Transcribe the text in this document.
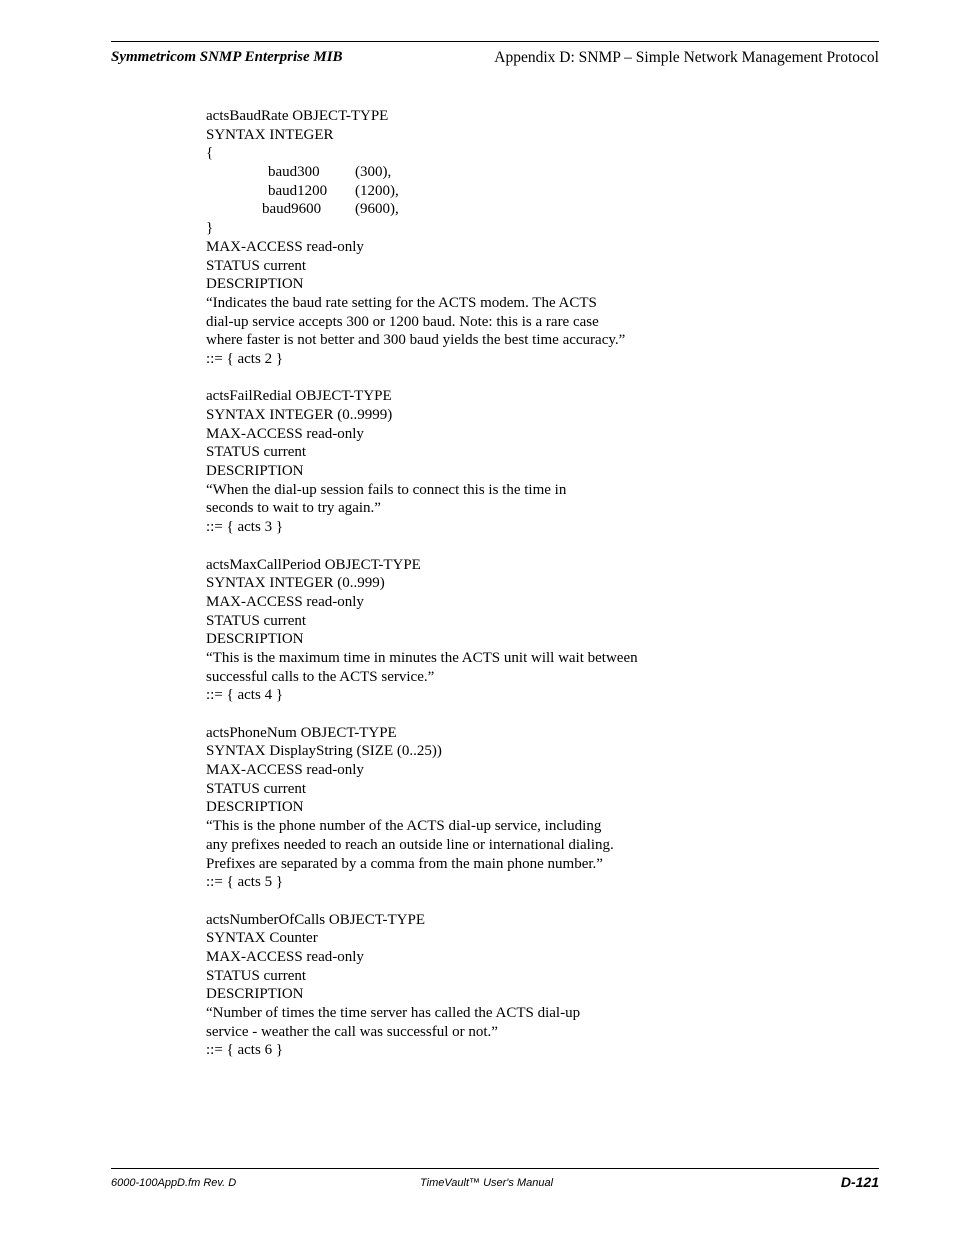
Symmetricom SNMP Enterprise MIB	Appendix D: SNMP – Simple Network Management Protocol
actsBaudRate OBJECT-TYPE
SYNTAX INTEGER
{
baud300 (300),
baud1200 (1200),
baud9600 (9600),
}
MAX-ACCESS read-only
STATUS current
DESCRIPTION
“Indicates the baud rate setting for the ACTS modem. The ACTS
dial-up service accepts 300 or 1200 baud. Note: this is a rare case
where faster is not better and 300 baud yields the best time accuracy.”
::= { acts 2 }
actsFailRedial OBJECT-TYPE
SYNTAX INTEGER (0..9999)
MAX-ACCESS read-only
STATUS current
DESCRIPTION
“When the dial-up session fails to connect this is the time in
seconds to wait to try again.”
::= { acts 3 }
actsMaxCallPeriod OBJECT-TYPE
SYNTAX INTEGER (0..999)
MAX-ACCESS read-only
STATUS current
DESCRIPTION
“This is the maximum time in minutes the ACTS unit will wait between
successful calls to the ACTS service.”
::= { acts 4 }
actsPhoneNum OBJECT-TYPE
SYNTAX DisplayString (SIZE (0..25))
MAX-ACCESS read-only
STATUS current
DESCRIPTION
“This is the phone number of the ACTS dial-up service, including
any prefixes needed to reach an outside line or international dialing.
Prefixes are separated by a comma from the main phone number.”
::= { acts 5 }
actsNumberOfCalls OBJECT-TYPE
SYNTAX Counter
MAX-ACCESS read-only
STATUS current
DESCRIPTION
“Number of times the time server has called the ACTS dial-up
service - weather the call was successful or not.”
::= { acts 6 }
6000-100AppD.fm Rev. D	TimeVault™ User's Manual	D-121
